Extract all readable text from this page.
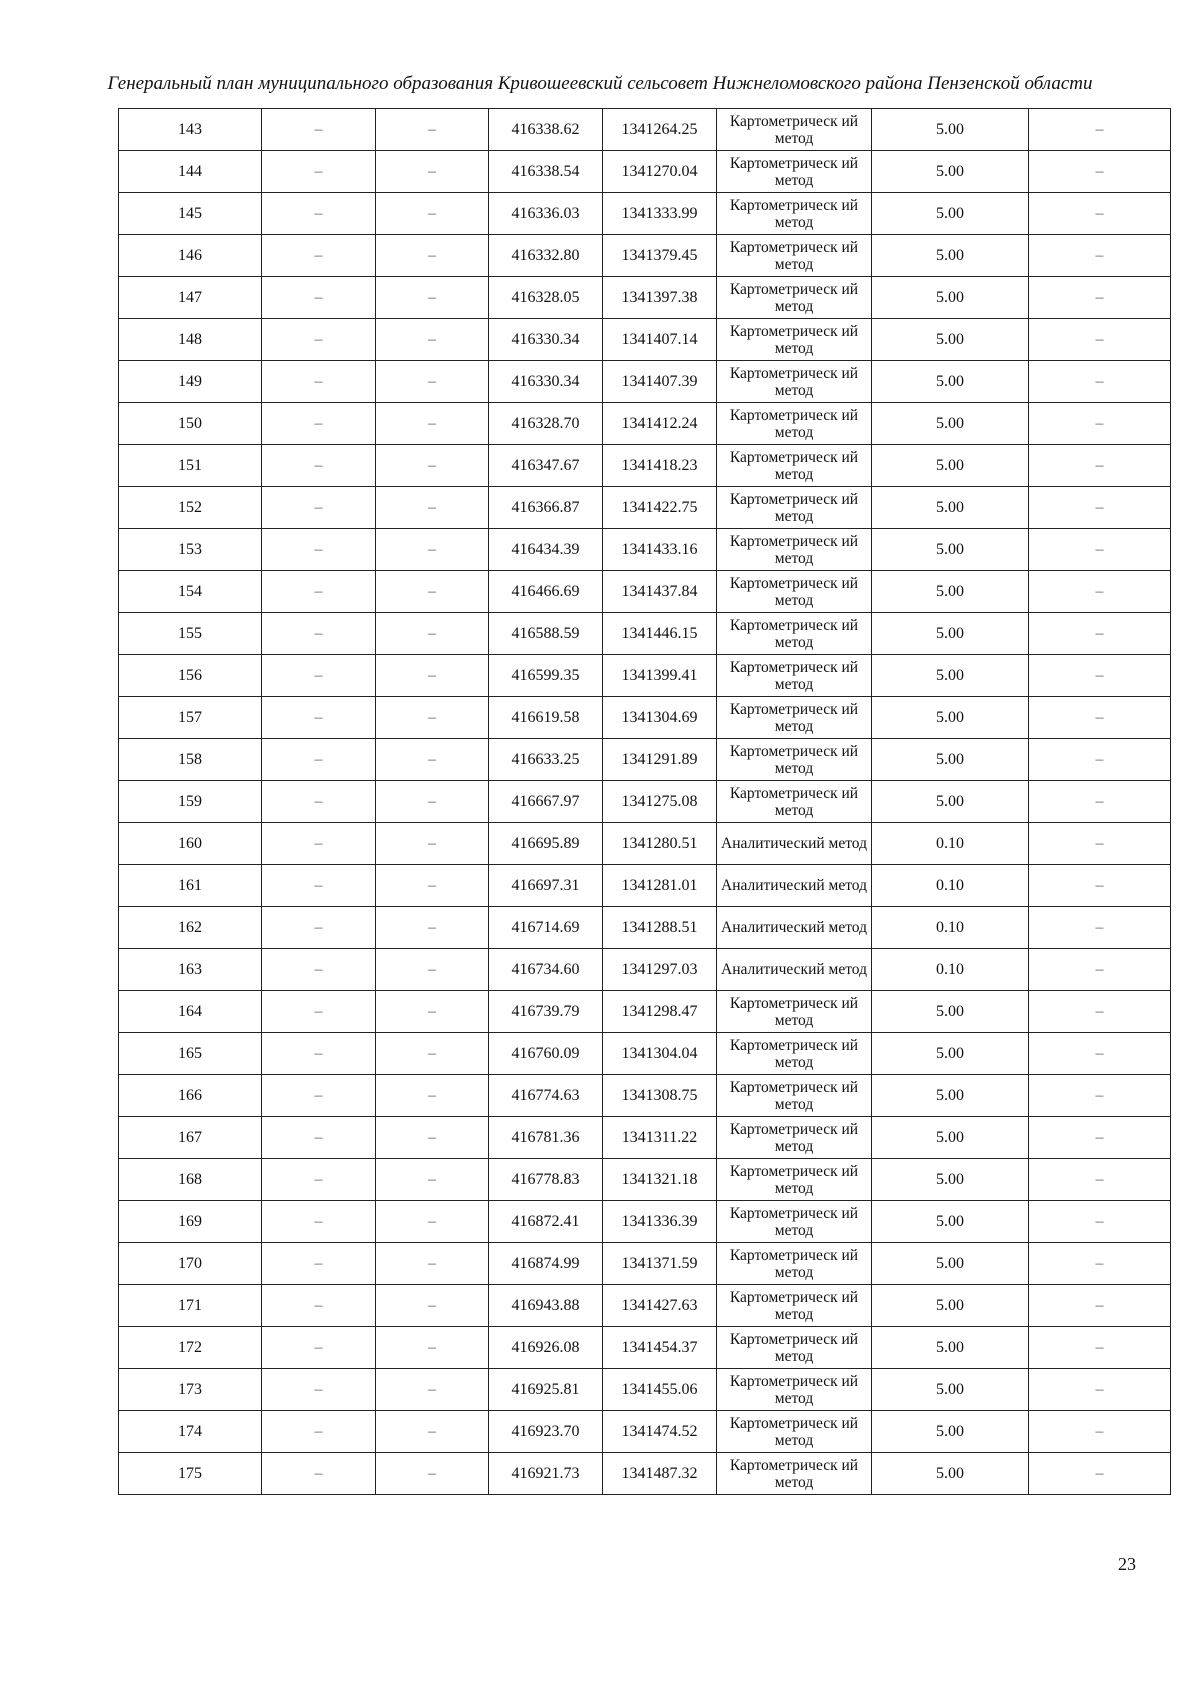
Генеральный план муниципального образования Кривошеевский сельсовет Нижнеломовского района Пензенской области
143	–	–	416338.62	1341264.25	Картометрическ ий метод	5.00	–
144	–	–	416338.54	1341270.04	Картометрическ ий метод	5.00	–
145	–	–	416336.03	1341333.99	Картометрическ ий метод	5.00	–
146	–	–	416332.80	1341379.45	Картометрическ ий метод	5.00	–
147	–	–	416328.05	1341397.38	Картометрическ ий метод	5.00	–
148	–	–	416330.34	1341407.14	Картометрическ ий метод	5.00	–
149	–	–	416330.34	1341407.39	Картометрическ ий метод	5.00	–
150	–	–	416328.70	1341412.24	Картометрическ ий метод	5.00	–
151	–	–	416347.67	1341418.23	Картометрическ ий метод	5.00	–
152	–	–	416366.87	1341422.75	Картометрическ ий метод	5.00	–
153	–	–	416434.39	1341433.16	Картометрическ ий метод	5.00	–
154	–	–	416466.69	1341437.84	Картометрическ ий метод	5.00	–
155	–	–	416588.59	1341446.15	Картометрическ ий метод	5.00	–
156	–	–	416599.35	1341399.41	Картометрическ ий метод	5.00	–
157	–	–	416619.58	1341304.69	Картометрическ ий метод	5.00	–
158	–	–	416633.25	1341291.89	Картометрическ ий метод	5.00	–
159	–	–	416667.97	1341275.08	Картометрическ ий метод	5.00	–
160	–	–	416695.89	1341280.51	Аналитический метод	0.10	–
161	–	–	416697.31	1341281.01	Аналитический метод	0.10	–
162	–	–	416714.69	1341288.51	Аналитический метод	0.10	–
163	–	–	416734.60	1341297.03	Аналитический метод	0.10	–
164	–	–	416739.79	1341298.47	Картометрическ ий метод	5.00	–
165	–	–	416760.09	1341304.04	Картометрическ ий метод	5.00	–
166	–	–	416774.63	1341308.75	Картометрическ ий метод	5.00	–
167	–	–	416781.36	1341311.22	Картометрическ ий метод	5.00	–
168	–	–	416778.83	1341321.18	Картометрическ ий метод	5.00	–
169	–	–	416872.41	1341336.39	Картометрическ ий метод	5.00	–
170	–	–	416874.99	1341371.59	Картометрическ ий метод	5.00	–
171	–	–	416943.88	1341427.63	Картометрическ ий метод	5.00	–
172	–	–	416926.08	1341454.37	Картометрическ ий метод	5.00	–
173	–	–	416925.81	1341455.06	Картометрическ ий метод	5.00	–
174	–	–	416923.70	1341474.52	Картометрическ ий метод	5.00	–
175	–	–	416921.73	1341487.32	Картометрическ ий метод	5.00	–
23
